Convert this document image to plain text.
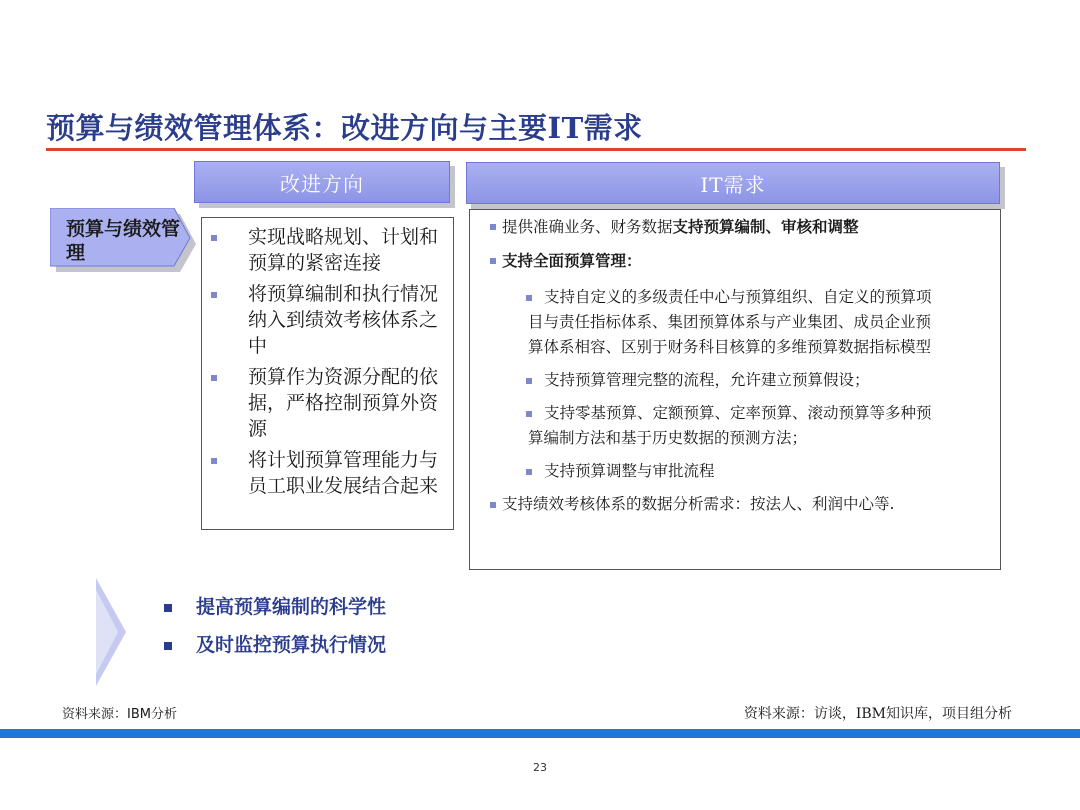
预算与绩效管理体系：改进方向与主要IT需求
改进方向	IT需求
预算与绩效管理
实现战略规划、计划和预算的紧密连接
将预算编制和执行情况纳入到绩效考核体系之中
预算作为资源分配的依据，严格控制预算外资源
将计划预算管理能力与员工职业发展结合起来
提供准确业务、财务数据支持预算编制、审核和调整
支持全面预算管理：
支持自定义的多级责任中心与预算组织、自定义的预算项
目与责任指标体系、集团预算体系与产业集团、成员企业预
算体系相容、区别于财务科目核算的多维预算数据指标模型
支持预算管理完整的流程，允许建立预算假设；
支持零基预算、定额预算、定率预算、滚动预算等多种预
算编制方法和基于历史数据的预测方法；
支持预算调整与审批流程
支持绩效考核体系的数据分析需求：按法人、利润中心等.
提高预算编制的科学性
及时监控预算执行情况
资料来源：IBM分析	资料来源：访谈，IBM知识库，项目组分析
23
